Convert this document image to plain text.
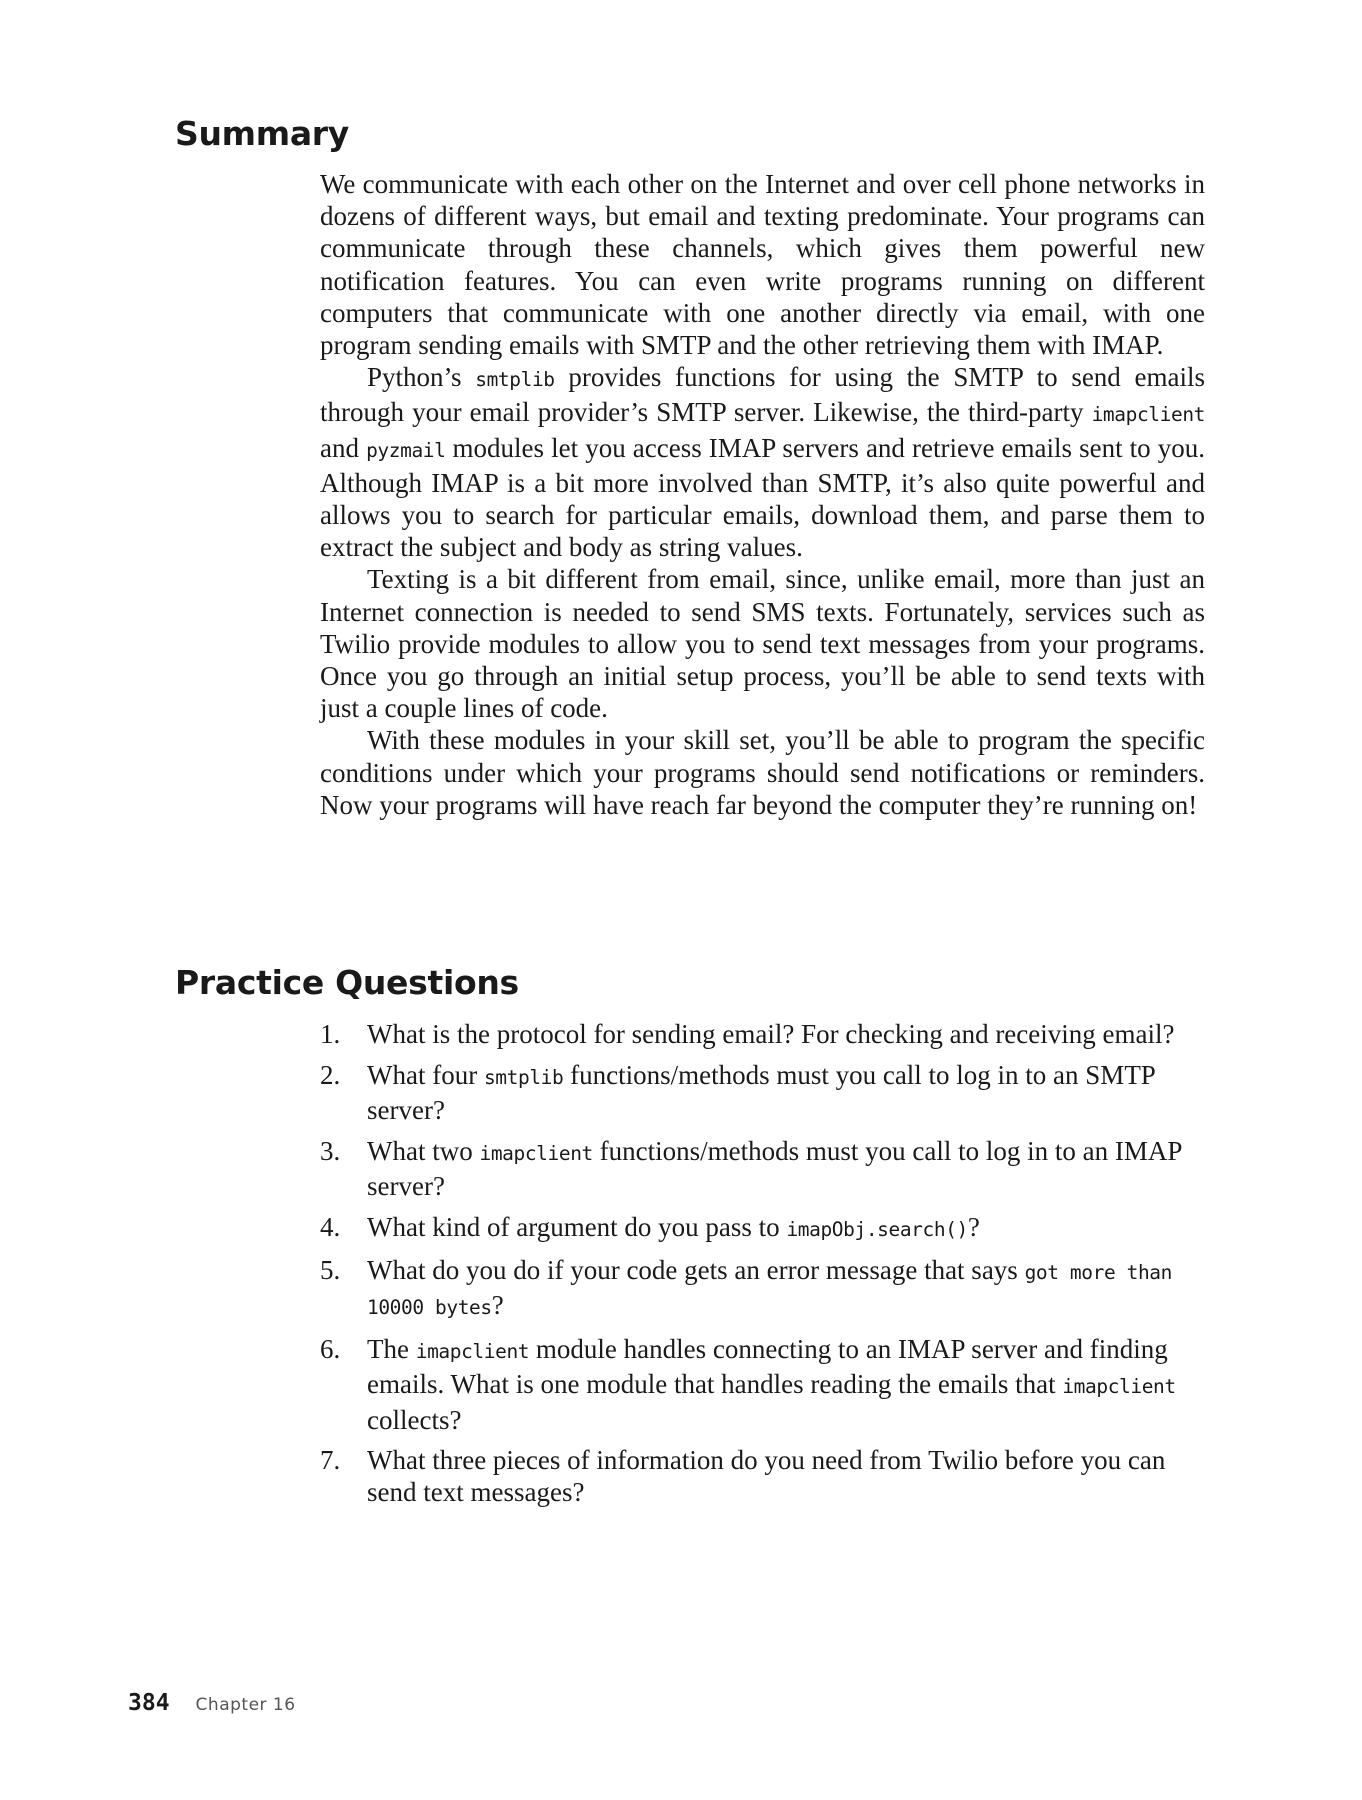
Summary

We communicate with each other on the Internet and over cell phone networks in dozens of different ways, but email and texting predominate. Your programs can communicate through these channels, which gives them powerful new notification features. You can even write programs running on different computers that communicate with one another directly via email, with one program sending emails with SMTP and the other retrieving them with IMAP.

Python’s smtplib provides functions for using the SMTP to send emails through your email provider’s SMTP server. Likewise, the third-party imapclient and pyzmail modules let you access IMAP servers and retrieve emails sent to you. Although IMAP is a bit more involved than SMTP, it’s also quite powerful and allows you to search for particular emails, download them, and parse them to extract the subject and body as string values.

Texting is a bit different from email, since, unlike email, more than just an Internet connection is needed to send SMS texts. Fortunately, services such as Twilio provide modules to allow you to send text messages from your programs. Once you go through an initial setup process, you’ll be able to send texts with just a couple lines of code.

With these modules in your skill set, you’ll be able to program the specific conditions under which your programs should send notifications or reminders. Now your programs will have reach far beyond the computer they’re running on!

Practice Questions
1. What is the protocol for sending email? For checking and receiving email?
2. What four smtplib functions/methods must you call to log in to an SMTP server?
3. What two imapclient functions/methods must you call to log in to an IMAP server?
4. What kind of argument do you pass to imapObj.search()?
5. What do you do if your code gets an error message that says got more than 10000 bytes?
6. The imapclient module handles connecting to an IMAP server and finding emails. What is one module that handles reading the emails that imapclient collects?
7. What three pieces of information do you need from Twilio before you can send text messages?
384 Chapter 16
